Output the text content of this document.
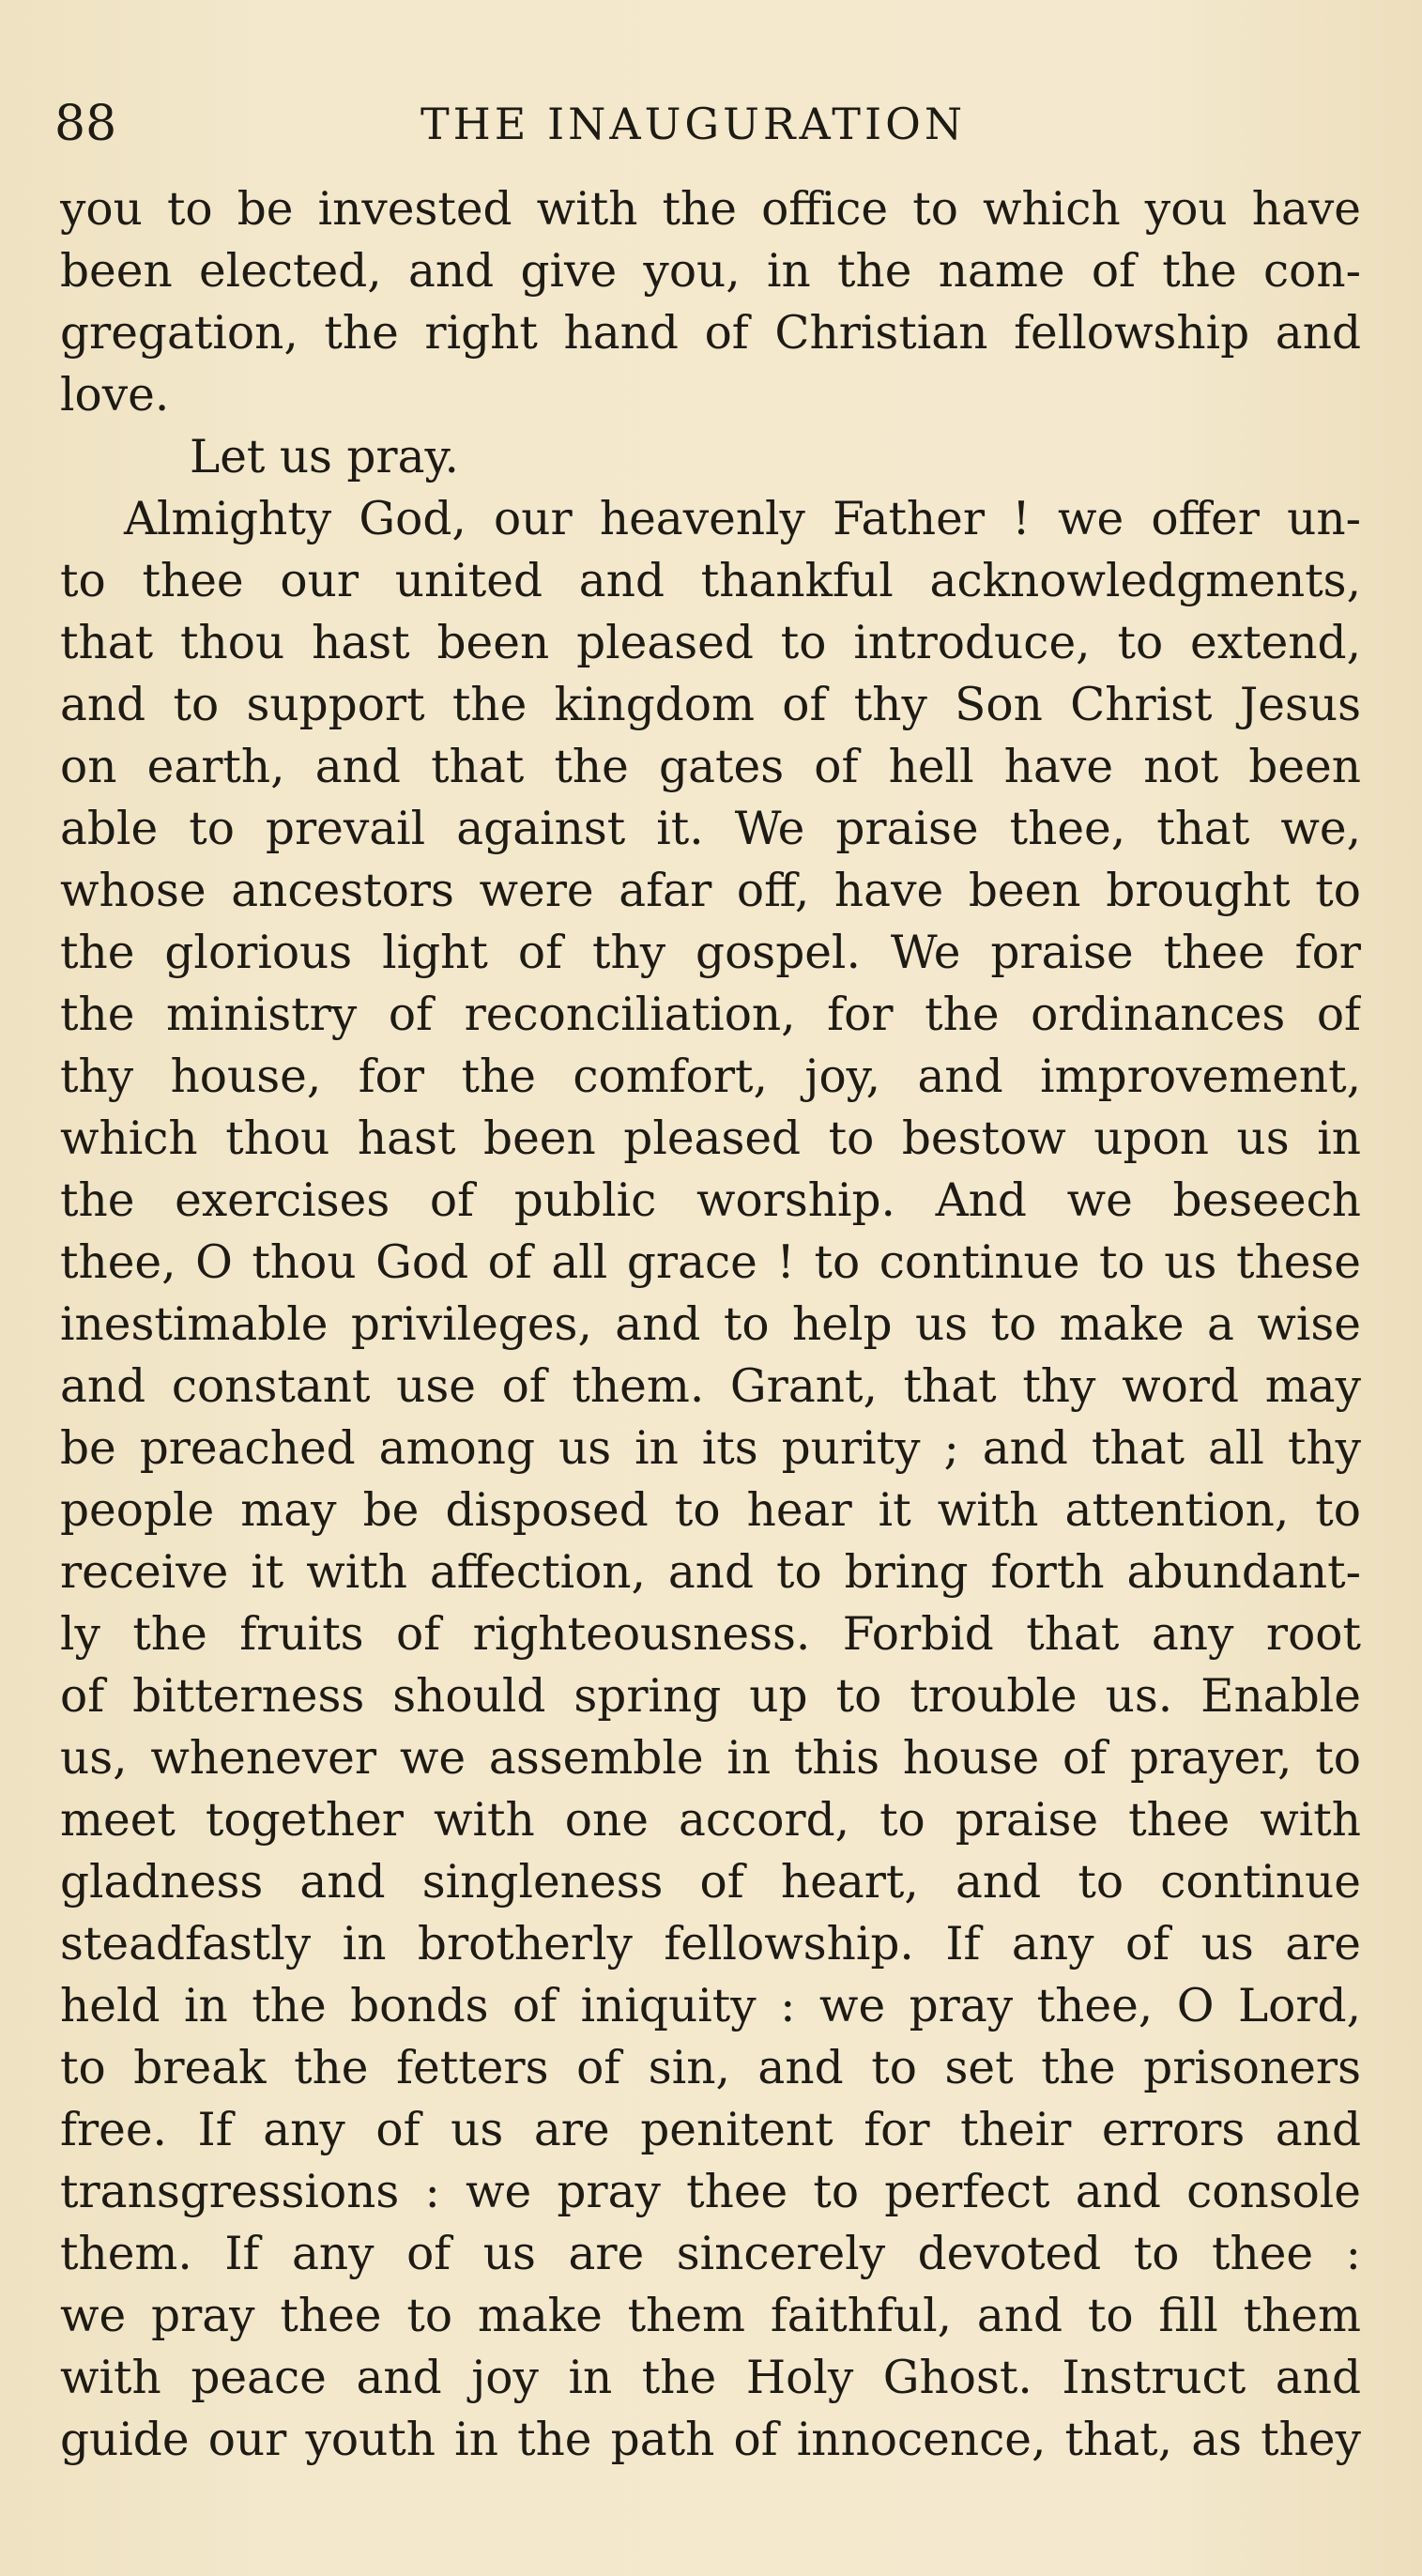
88	THE INAUGURATION
you to be invested with the office to which you have
been elected, and give you, in the name of the con-
gregation, the right hand of Christian fellowship and
love.
Let us pray.
Almighty God, our heavenly Father ! we offer un-
to thee our united and thankful acknowledgments,
that thou hast been pleased to introduce, to extend,
and to support the kingdom of thy Son Christ Jesus
on earth, and that the gates of hell have not been
able to prevail against it. We praise thee, that we,
whose ancestors were afar off, have been brought to
the glorious light of thy gospel. We praise thee for
the ministry of reconciliation, for the ordinances of
thy house, for the comfort, joy, and improvement,
which thou hast been pleased to bestow upon us in
the exercises of public worship. And we beseech
thee, O thou God of all grace ! to continue to us these
inestimable privileges, and to help us to make a wise
and constant use of them. Grant, that thy word may
be preached among us in its purity ; and that all thy
people may be disposed to hear it with attention, to
receive it with affection, and to bring forth abundant-
ly the fruits of righteousness. Forbid that any root
of bitterness should spring up to trouble us. Enable
us, whenever we assemble in this house of prayer, to
meet together with one accord, to praise thee with
gladness and singleness of heart, and to continue
steadfastly in brotherly fellowship. If any of us are
held in the bonds of iniquity : we pray thee, O Lord,
to break the fetters of sin, and to set the prisoners
free. If any of us are penitent for their errors and
transgressions : we pray thee to perfect and console
them. If any of us are sincerely devoted to thee :
we pray thee to make them faithful, and to fill them
with peace and joy in the Holy Ghost. Instruct and
guide our youth in the path of innocence, that, as they
